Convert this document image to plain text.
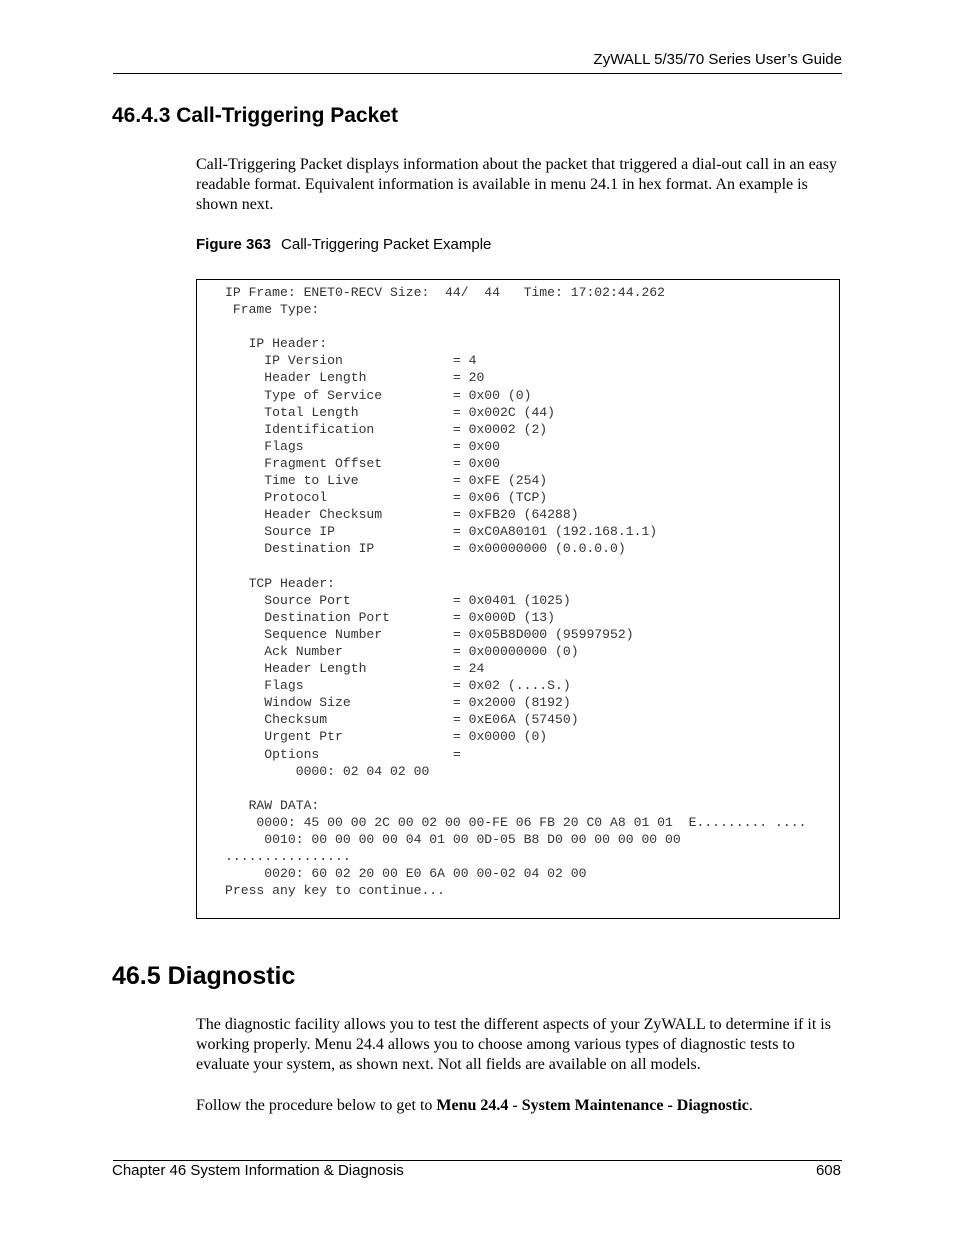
ZyWALL 5/35/70 Series User’s Guide
46.4.3 Call-Triggering Packet

Call-Triggering Packet displays information about the packet that triggered a dial-out call in an easy readable format. Equivalent information is available in menu 24.1 in hex format. An example is shown next.

Figure 363 Call-Triggering Packet Example
IP Frame: ENET0-RECV Size:  44/  44   Time: 17:02:44.262
Frame Type:

IP Header:
IP Version              = 4
Header Length           = 20
Type of Service         = 0x00 (0)
Total Length            = 0x002C (44)
Identification          = 0x0002 (2)
Flags                   = 0x00
Fragment Offset         = 0x00
Time to Live            = 0xFE (254)
Protocol                = 0x06 (TCP)
Header Checksum         = 0xFB20 (64288)
Source IP               = 0xC0A80101 (192.168.1.1)
Destination IP          = 0x00000000 (0.0.0.0)

TCP Header:
Source Port             = 0x0401 (1025)
Destination Port        = 0x000D (13)
Sequence Number         = 0x05B8D000 (95997952)
Ack Number              = 0x00000000 (0)
Header Length           = 24
Flags                   = 0x02 (....S.)
Window Size             = 0x2000 (8192)
Checksum                = 0xE06A (57450)
Urgent Ptr              = 0x0000 (0)
Options                 =
0000: 02 04 02 00

RAW DATA:
0000: 45 00 00 2C 00 02 00 00-FE 06 FB 20 C0 A8 01 01  E......... ....
0010: 00 00 00 00 04 01 00 0D-05 B8 D0 00 00 00 00 00
................
0020: 60 02 20 00 E0 6A 00 00-02 04 02 00
Press any key to continue...
46.5 Diagnostic

The diagnostic facility allows you to test the different aspects of your ZyWALL to determine if it is working properly. Menu 24.4 allows you to choose among various types of diagnostic tests to evaluate your system, as shown next. Not all fields are available on all models.

Follow the procedure below to get to Menu 24.4 - System Maintenance - Diagnostic.

Chapter 46 System Information & Diagnosis	608
